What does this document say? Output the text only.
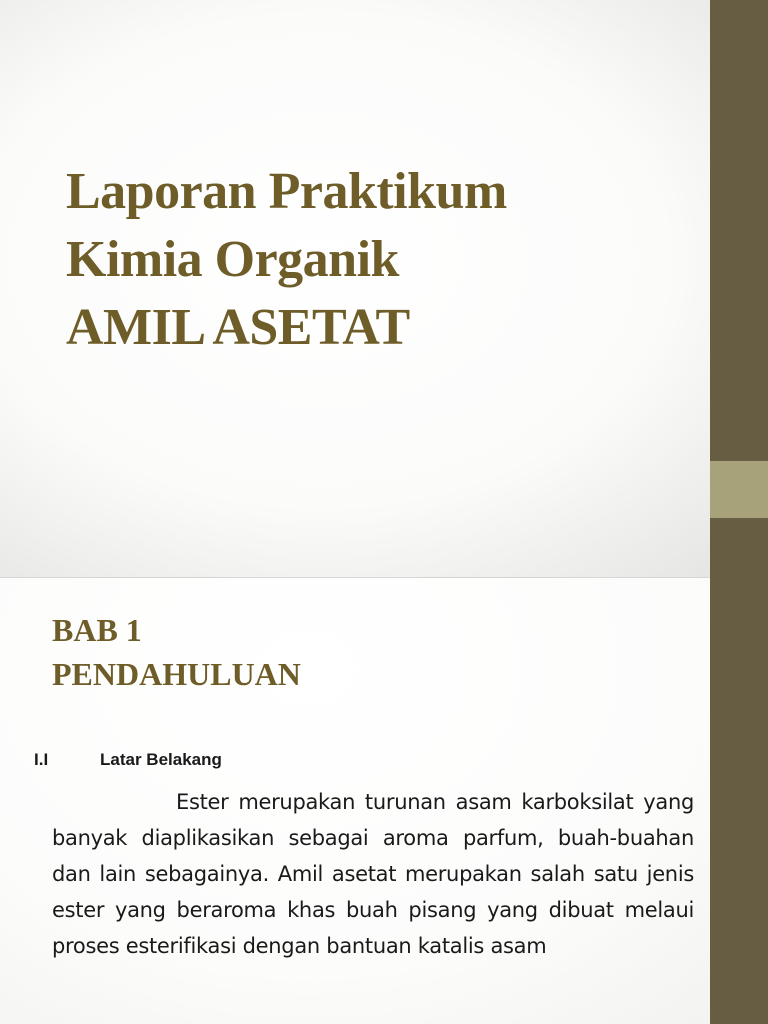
Laporan Praktikum
Kimia Organik
AMIL ASETAT
BAB 1
PENDAHULUAN
I.I	Latar Belakang

Ester merupakan turunan asam karboksilat yang banyak diaplikasikan sebagai aroma parfum, buah-buahan dan lain sebagainya. Amil asetat merupakan salah satu jenis ester yang beraroma khas buah pisang yang dibuat melaui proses esterifikasi dengan bantuan katalis asam
